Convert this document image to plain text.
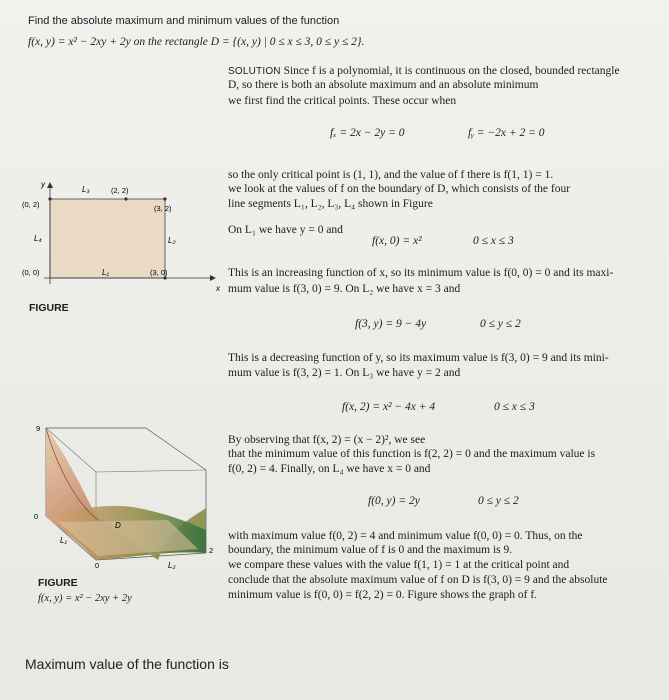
Find the absolute maximum and minimum values of the function
f(x, y) = x² − 2xy + 2y on the rectangle D = {(x, y) | 0 ≤ x ≤ 3, 0 ≤ y ≤ 2}.
SOLUTION Since f is a polynomial, it is continuous on the closed, bounded rectangle
D, so there is both an absolute maximum and an absolute minimum
we first find the critical points. These occur when
fₓ = 2x − 2y = 0	fᵧ = −2x + 2 = 0
so the only critical point is (1, 1), and the value of f there is f(1, 1) = 1.
we look at the values of f on the boundary of D, which consists of the four
line segments L₁, L₂, L₃, L₄ shown in Figure
On L₁ we have y = 0 and
f(x, 0) = x²	0 ≤ x ≤ 3
This is an increasing function of x, so its minimum value is f(0, 0) = 0 and its maxi-
mum value is f(3, 0) = 9. On L₂ we have x = 3 and
f(3, y) = 9 − 4y	0 ≤ y ≤ 2
This is a decreasing function of y, so its maximum value is f(3, 0) = 9 and its mini-
mum value is f(3, 2) = 1. On L₃ we have y = 2 and
f(x, 2) = x² − 4x + 4	0 ≤ x ≤ 3
By observing that f(x, 2) = (x − 2)², we see
that the minimum value of this function is f(2, 2) = 0 and the maximum value is
f(0, 2) = 4. Finally, on L₄ we have x = 0 and
f(0, y) = 2y	0 ≤ y ≤ 2
with maximum value f(0, 2) = 4 and minimum value f(0, 0) = 0. Thus, on the
boundary, the minimum value of f is 0 and the maximum is 9.
we compare these values with the value f(1, 1) = 1 at the critical point and
conclude that the absolute maximum value of f on D is f(3, 0) = 9 and the absolute
minimum value is f(0, 0) = f(2, 2) = 0. Figure shows the graph of f.
y
x
(0, 2)
(2, 2)
(3, 2)
(0, 0)	(3, 0)
L₃
L₂
L₁
L₄
FIGURE
9
0
0
2
D
L₁
L₂
FIGURE
f(x, y) = x² − 2xy + 2y
Maximum value of the function is
